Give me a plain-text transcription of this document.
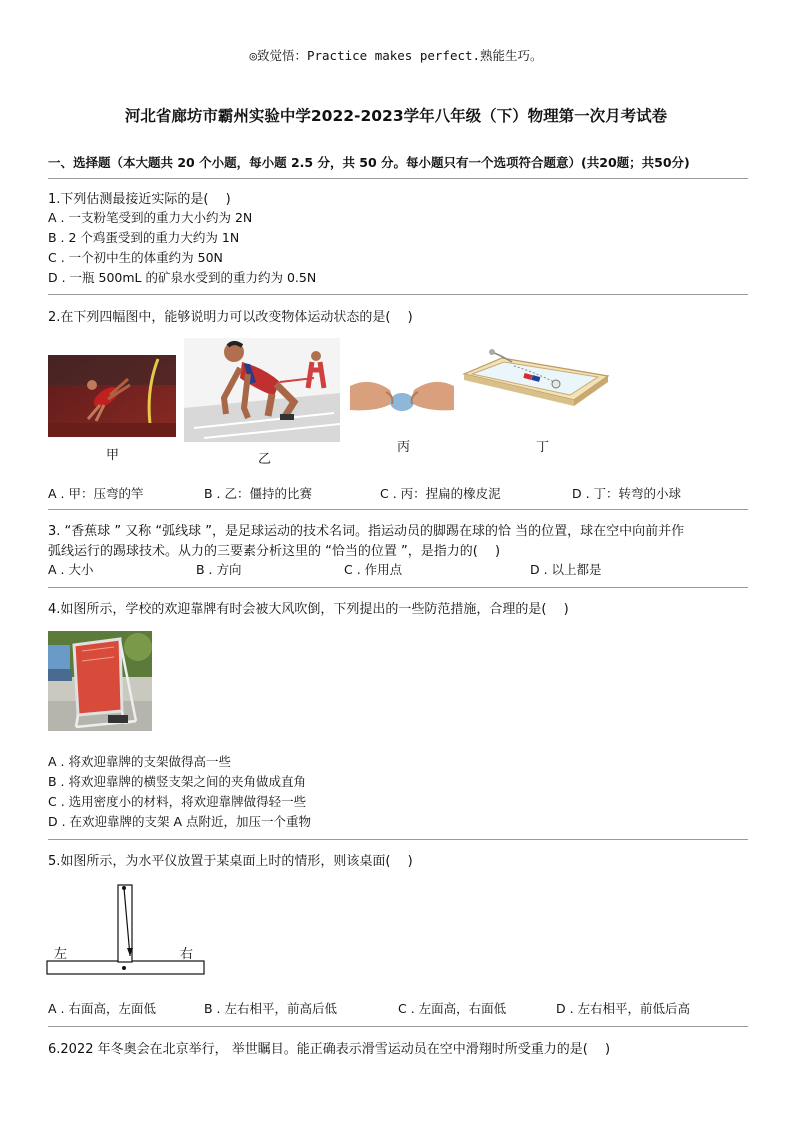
◎致觉悟：Practice makes perfect.熟能生巧。
河北省廊坊市霸州实验中学2022-2023学年八年级（下）物理第一次月考试卷
一、选择题（本大题共 20 个小题，每小题 2.5 分，共 50 分。每小题只有一个选项符合题意）(共20题；共50分)
1.下列估测最接近实际的是(　 )
A . 一支粉笔受到的重力大小约为 2N
B . 2 个鸡蛋受到的重力大约为 1N
C . 一个初中生的体重约为 50N
D . 一瓶 500mL 的矿泉水受到的重力约为 0.5N
2.在下列四幅图中，能够说明力可以改变物体运动状态的是(　 )
甲	乙
丙	丁
A . 甲：压弯的竿	B . 乙：僵持的比赛	C . 丙：捏扁的橡皮泥	D . 丁：转弯的小球
3. “香蕉球 ” 又称 “弧线球 ”，是足球运动的技术名词。指运动员的脚踢在球的恰 当的位置，球在空中向前并作
弧线运行的踢球技术。从力的三要素分析这里的 “恰当的位置 ”，是指力的(　 )
A . 大小	B . 方向	C . 作用点	D . 以上都是
4.如图所示，学校的欢迎靠牌有时会被大风吹倒，下列提出的一些防范措施，合理的是(　 )
A . 将欢迎靠牌的支架做得高一些
B . 将欢迎靠牌的横竖支架之间的夹角做成直角
C . 选用密度小的材料，将欢迎靠牌做得轻一些
D . 在欢迎靠牌的支架 A 点附近，加压一个重物
5.如图所示，为水平仪放置于某桌面上时的情形，则该桌面(　 )
左	右
A . 右面高，左面低	B . 左右相平，前高后低	C . 左面高，右面低	D . 左右相平，前低后高
6.2022 年冬奥会在北京举行， 举世瞩目。能正确表示滑雪运动员在空中滑翔时所受重力的是(　 )
